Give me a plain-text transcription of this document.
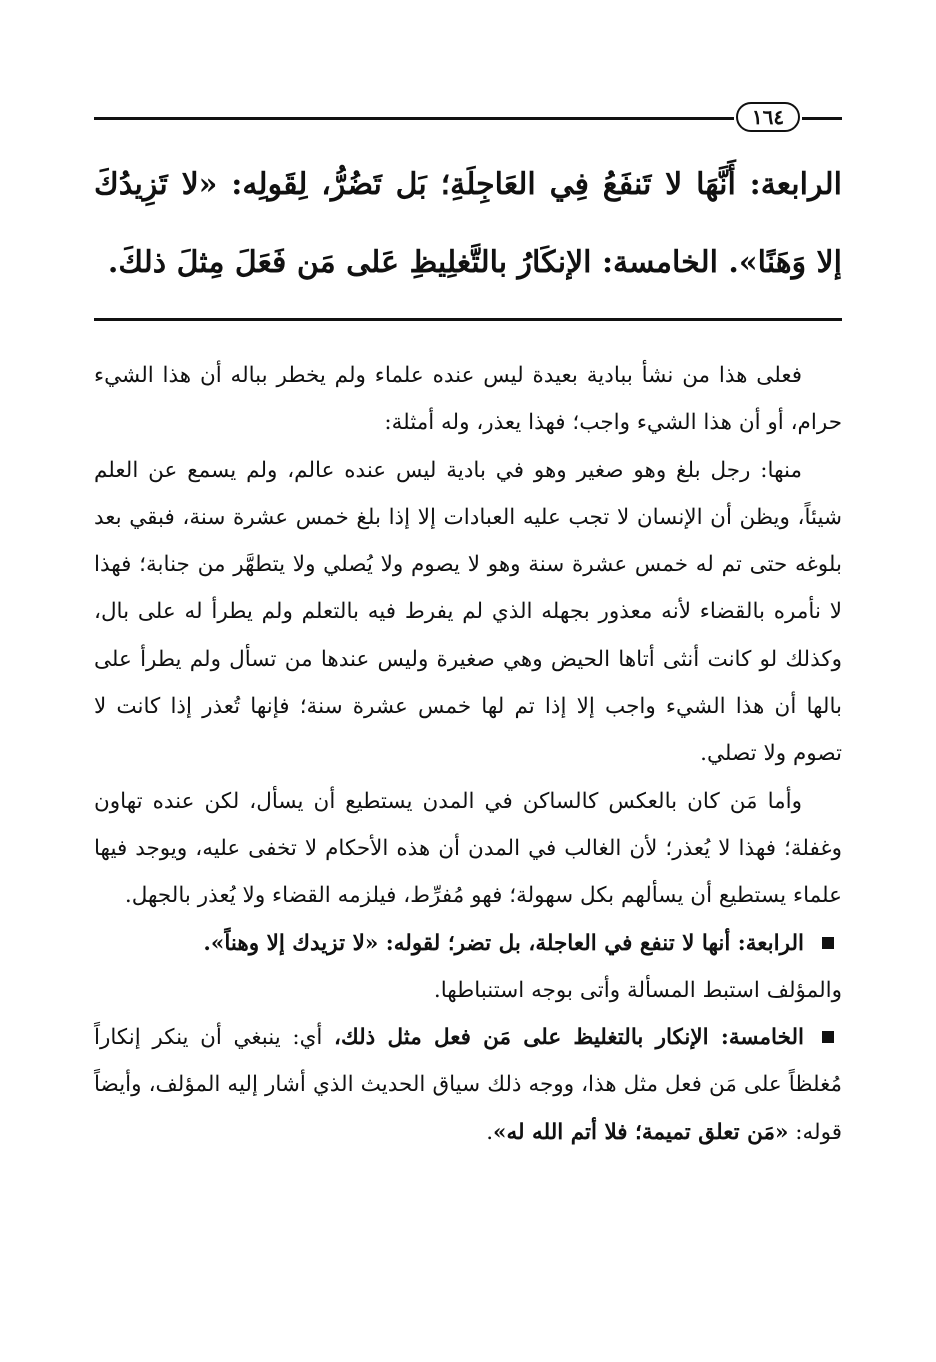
١٦٤
الرابعة: أَنَّهَا لا تَنفَعُ فِي العَاجِلَةِ؛ بَل تَضُرُّ، لِقَولِه: «لا تَزِيدُكَ إلا وَهَنًا». الخامسة: الإنكَارُ بالتَّغلِيظِ عَلى مَن فَعَلَ مِثلَ ذلكَ.

فعلى هذا من نشأ ببادية بعيدة ليس عنده علماء ولم يخطر بباله أن هذا الشيء حرام، أو أن هذا الشيء واجب؛ فهذا يعذر، وله أمثلة:

منها: رجل بلغ وهو صغير وهو في بادية ليس عنده عالم، ولم يسمع عن العلم شيئاً، ويظن أن الإنسان لا تجب عليه العبادات إلا إذا بلغ خمس عشرة سنة، فبقي بعد بلوغه حتى تم له خمس عشرة سنة وهو لا يصوم ولا يُصلي ولا يتطهَّر من جنابة؛ فهذا لا نأمره بالقضاء لأنه معذور بجهله الذي لم يفرط فيه بالتعلم ولم يطرأ له على بال، وكذلك لو كانت أنثى أتاها الحيض وهي صغيرة وليس عندها من تسأل ولم يطرأ على بالها أن هذا الشيء واجب إلا إذا تم لها خمس عشرة سنة؛ فإنها تُعذر إذا كانت لا تصوم ولا تصلي.

وأما مَن كان بالعكس كالساكن في المدن يستطيع أن يسأل، لكن عنده تهاون وغفلة؛ فهذا لا يُعذر؛ لأن الغالب في المدن أن هذه الأحكام لا تخفى عليه، ويوجد فيها علماء يستطيع أن يسألهم بكل سهولة؛ فهو مُفرِّط، فيلزمه القضاء ولا يُعذر بالجهل.

الرابعة: أنها لا تنفع في العاجلة، بل تضر؛ لقوله: «لا تزيدك إلا وهناً».

والمؤلف استبط المسألة وأتى بوجه استنباطها.

الخامسة: الإنكار بالتغليظ على مَن فعل مثل ذلك، أي: ينبغي أن ينكر إنكاراً مُغلظاً على مَن فعل مثل هذا، ووجه ذلك سياق الحديث الذي أشار إليه المؤلف، وأيضاً قوله: «مَن تعلق تميمة؛ فلا أتم الله له».
